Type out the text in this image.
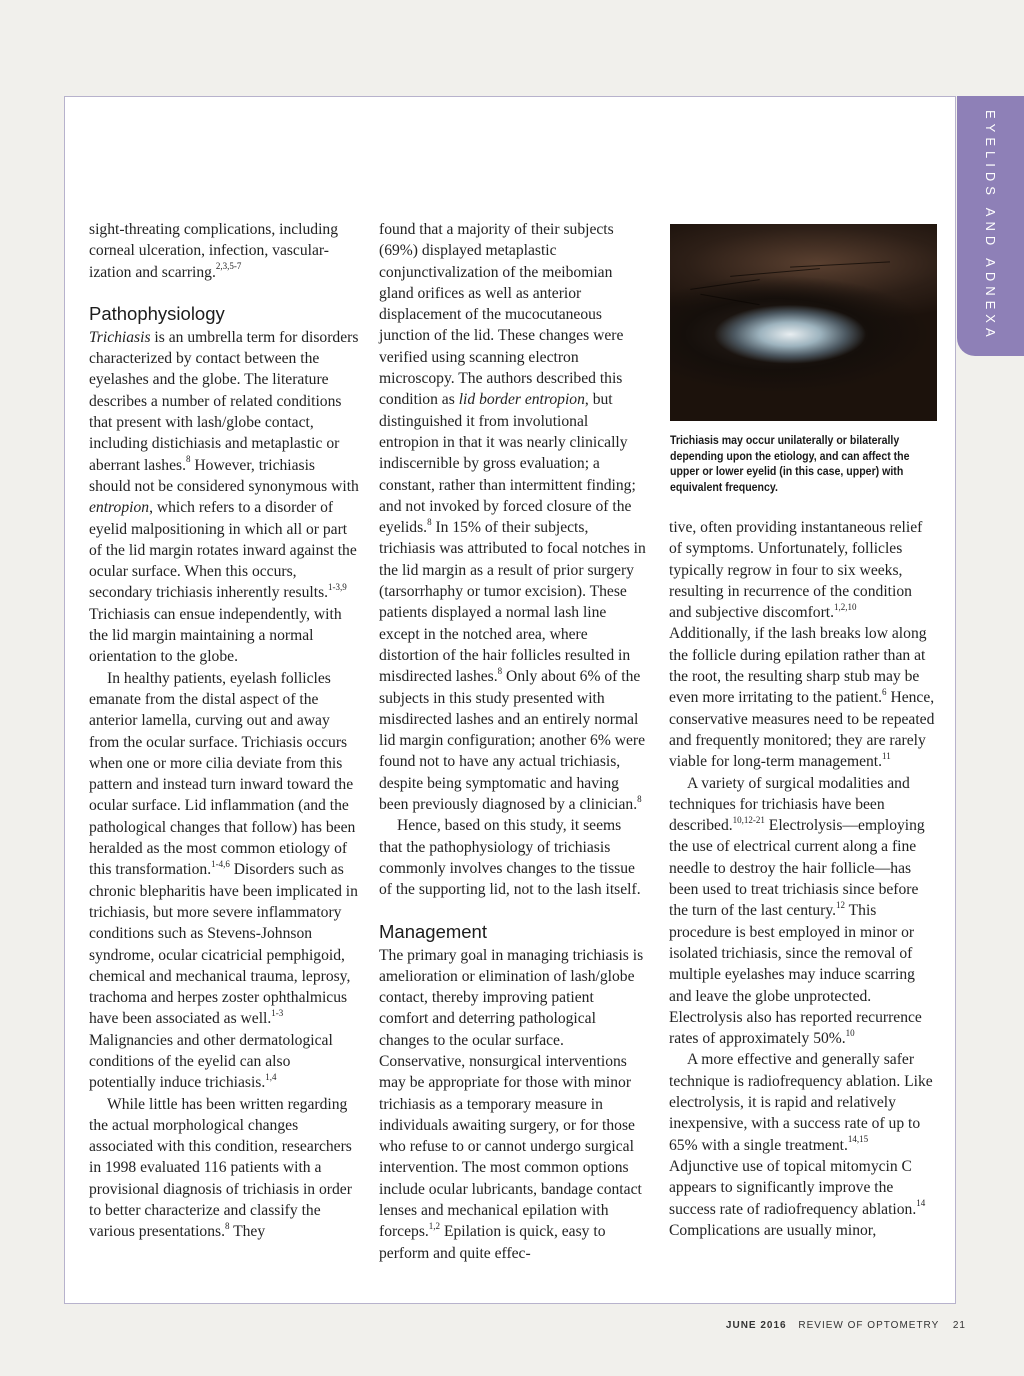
EYELIDS AND ADNEXA

sight-threating complications, including corneal ulceration, infection, vascular-ization and scarring.$^{2,3,5-7}$

Pathophysiology

Trichiasis is an umbrella term for disorders characterized by contact between the eyelashes and the globe. The literature describes a number of related conditions that present with lash/globe contact, including distichiasis and metaplastic or aberrant lashes.$^8$ However, trichiasis should not be considered synonymous with entropion, which refers to a disorder of eyelid malpositioning in which all or part of the lid margin rotates inward against the ocular surface. When this occurs, secondary trichiasis inherently results.$^{1-3,9}$ Trichiasis can ensue independently, with the lid margin maintaining a normal orientation to the globe.

In healthy patients, eyelash follicles emanate from the distal aspect of the anterior lamella, curving out and away from the ocular surface. Trichiasis occurs when one or more cilia deviate from this pattern and instead turn inward toward the ocular surface. Lid inflammation (and the pathological changes that follow) has been heralded as the most common etiology of this transformation.$^{1-4,6}$ Disorders such as chronic blepharitis have been implicated in trichiasis, but more severe inflammatory conditions such as Stevens-Johnson syndrome, ocular cicatricial pemphigoid, chemical and mechanical trauma, leprosy, trachoma and herpes zoster ophthalmicus have been associated as well.$^{1-3}$ Malignancies and other dermatological conditions of the eyelid can also potentially induce trichiasis.$^{1,4}$

While little has been written regarding the actual morphological changes associated with this condition, researchers in 1998 evaluated 116 patients with a provisional diagnosis of trichiasis in order to better characterize and classify the various presentations.$^8$ They

found that a majority of their subjects (69%) displayed metaplastic conjunctivalization of the meibomian gland orifices as well as anterior displacement of the mucocutaneous junction of the lid. These changes were verified using scanning electron microscopy. The authors described this condition as lid border entropion, but distinguished it from involutional entropion in that it was nearly clinically indiscernible by gross evaluation; a constant, rather than intermittent finding; and not invoked by forced closure of the eyelids.$^8$ In 15% of their subjects, trichiasis was attributed to focal notches in the lid margin as a result of prior surgery (tarsorrhaphy or tumor excision). These patients displayed a normal lash line except in the notched area, where distortion of the hair follicles resulted in misdirected lashes.$^8$ Only about 6% of the subjects in this study presented with misdirected lashes and an entirely normal lid margin configuration; another 6% were found not to have any actual trichiasis, despite being symptomatic and having been previously diagnosed by a clinician.$^8$

Hence, based on this study, it seems that the pathophysiology of trichiasis commonly involves changes to the tissue of the supporting lid, not to the lash itself.

Management

The primary goal in managing trichiasis is amelioration or elimination of lash/globe contact, thereby improving patient comfort and deterring pathological changes to the ocular surface. Conservative, nonsurgical interventions may be appropriate for those with minor trichiasis as a temporary measure in individuals awaiting surgery, or for those who refuse to or cannot undergo surgical intervention. The most common options include ocular lubricants, bandage contact lenses and mechanical epilation with forceps.$^{1,2}$ Epilation is quick, easy to perform and quite effec-

Trichiasis may occur unilaterally or bilaterally depending upon the etiology, and can affect the upper or lower eyelid (in this case, upper) with equivalent frequency.

tive, often providing instantaneous relief of symptoms. Unfortunately, follicles typically regrow in four to six weeks, resulting in recurrence of the condition and subjective discomfort.$^{1,2,10}$ Additionally, if the lash breaks low along the follicle during epilation rather than at the root, the resulting sharp stub may be even more irritating to the patient.$^6$ Hence, conservative measures need to be repeated and frequently monitored; they are rarely viable for long-term management.$^{11}$

A variety of surgical modalities and techniques for trichiasis have been described.$^{10,12-21}$ Electrolysis—employing the use of electrical current along a fine needle to destroy the hair follicle—has been used to treat trichiasis since before the turn of the last century.$^{12}$ This procedure is best employed in minor or isolated trichiasis, since the removal of multiple eyelashes may induce scarring and leave the globe unprotected. Electrolysis also has reported recurrence rates of approximately 50%.$^{10}$

A more effective and generally safer technique is radiofrequency ablation. Like electrolysis, it is rapid and relatively inexpensive, with a success rate of up to 65% with a single treatment.$^{14,15}$ Adjunctive use of topical mitomycin C appears to significantly improve the success rate of radiofrequency ablation.$^{14}$ Complications are usually minor,

JUNE 2016 REVIEW OF OPTOMETRY 21
